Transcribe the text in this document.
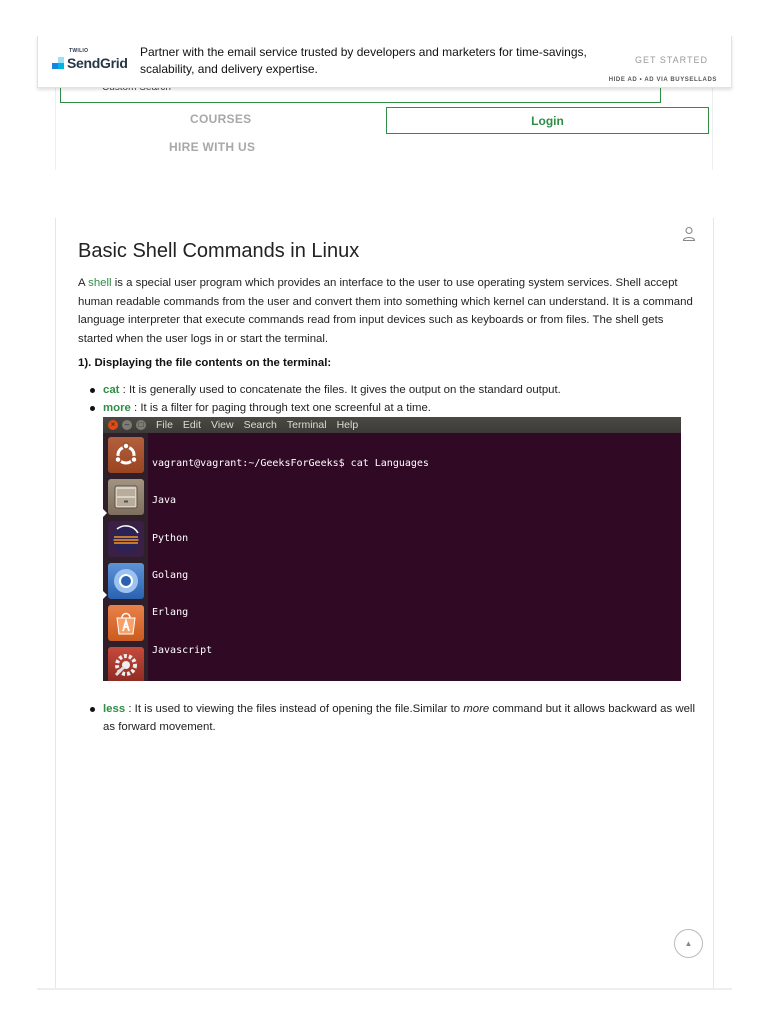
TWILIO
SendGrid
Partner with the email service trusted by developers and marketers for time-savings, scalability, and delivery expertise.
GET STARTED
HIDE AD • AD VIA BUYSELLADS
COURSES
HIRE WITH US
Login
Basic Shell Commands in Linux

A shell is a special user program which provides an interface to the user to use operating system services. Shell accept human readable commands from the user and convert them into something which kernel can understand. It is a command language interpreter that execute commands read from input devices such as keyboards or from files. The shell gets started when the user logs in or start the terminal.

1). Displaying the file contents on the terminal:
cat : It is generally used to concatenate the files. It gives the output on the standard output.
more : It is a filter for paging through text one screenful at a time.
×	–	□ File Edit View Search Terminal Help

vagrant@vagrant:~/GeeksForGeeks$ cat Languages

Java

Python

Golang

Erlang

Javascript

less : It is used to viewing the files instead of opening the file.Similar to more command but it allows backward as well as forward movement.
▲
